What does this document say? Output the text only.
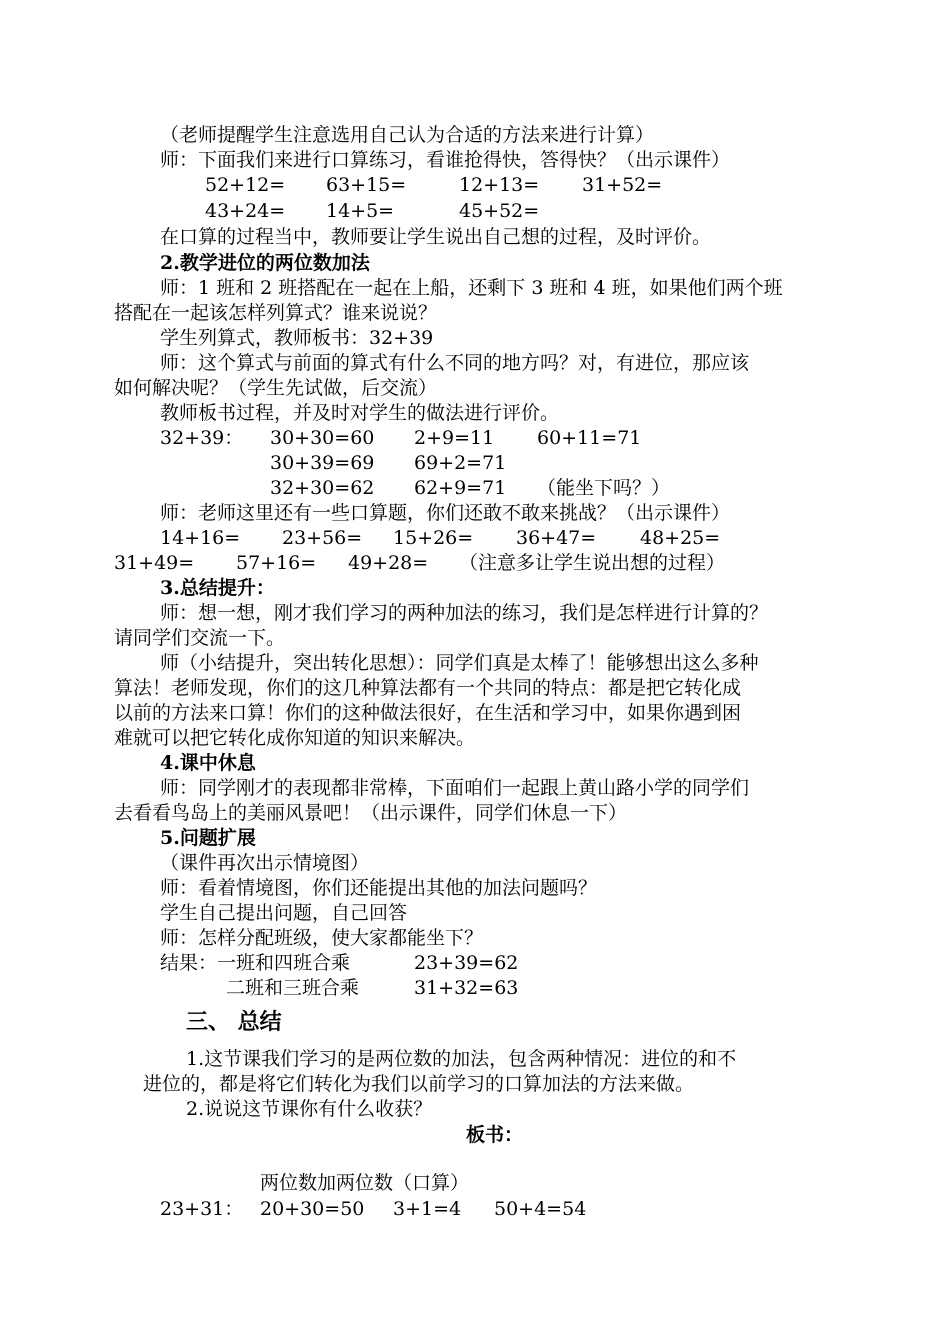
（老师提醒学生注意选用自己认为合适的方法来进行计算）
师：下面我们来进行口算练习，看谁抢得快，答得快？（出示课件）
52+12= 63+15=	12+13= 31+52=
43+24= 14+5=	45+52=
在口算的过程当中，教师要让学生说出自己想的过程，及时评价。
2.教学进位的两位数加法
师：1 班和 2 班搭配在一起在上船，还剩下 3 班和 4 班，如果他们两个班
搭配在一起该怎样列算式？谁来说说？
学生列算式，教师板书：32+39
师：这个算式与前面的算式有什么不同的地方吗？对，有进位，那应该
如何解决呢？（学生先试做，后交流）
教师板书过程，并及时对学生的做法进行评价。
32+39： 30+30=60 2+9=11 60+11=71
30+39=69 69+2=71
32+30=62 62+9=71 （能坐下吗？）
师：老师这里还有一些口算题，你们还敢不敢来挑战？（出示课件）
14+16= 23+56= 15+26= 36+47= 48+25=
31+49= 57+16= 49+28= （注意多让学生说出想的过程）
3.总结提升：
师：想一想，刚才我们学习的两种加法的练习，我们是怎样进行计算的？
请同学们交流一下。
师（小结提升，突出转化思想）：同学们真是太棒了！能够想出这么多种
算法！老师发现，你们的这几种算法都有一个共同的特点：都是把它转化成
以前的方法来口算！你们的这种做法很好，在生活和学习中，如果你遇到困
难就可以把它转化成你知道的知识来解决。
4.课中休息
师：同学刚才的表现都非常棒，下面咱们一起跟上黄山路小学的同学们
去看看鸟岛上的美丽风景吧！（出示课件，同学们休息一下）
5.问题扩展
（课件再次出示情境图）
师：看着情境图，你们还能提出其他的加法问题吗？
学生自己提出问题，自己回答
师：怎样分配班级，使大家都能坐下？
结果：一班和四班合乘	23+39=62
二班和三班合乘	31+32=63
三、 总结
1.这节课我们学习的是两位数的加法，包含两种情况：进位的和不
进位的，都是将它们转化为我们以前学习的口算加法的方法来做。
2.说说这节课你有什么收获？
板书：
两位数加两位数（口算）
23+31： 20+30=50 3+1=4 50+4=54
